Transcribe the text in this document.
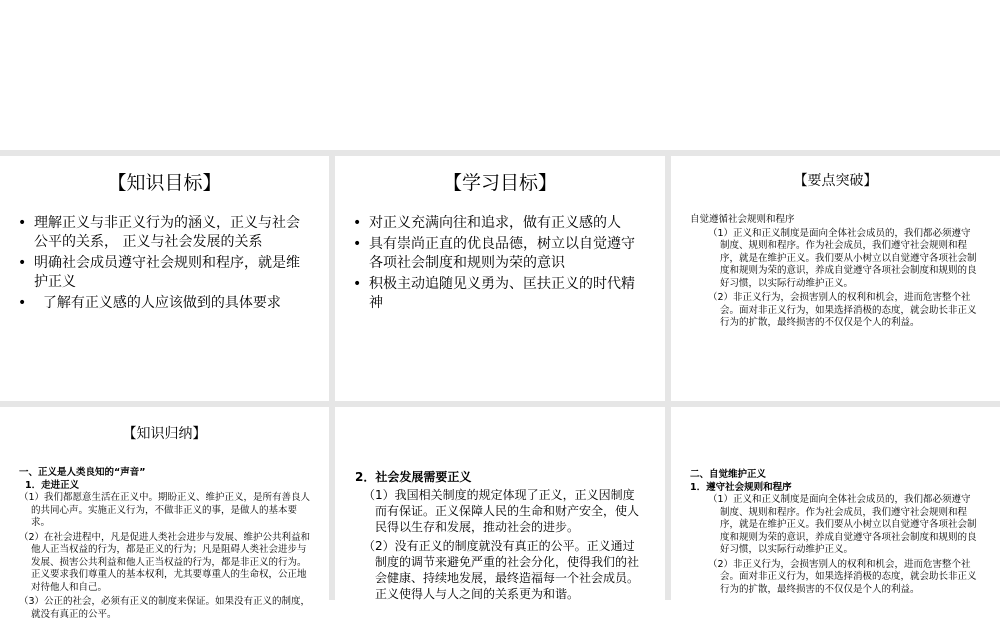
【知识目标】
• 理解正义与非正义行为的涵义，正义与社会公平的关系， 正义与社会发展的关系
• 明确社会成员遵守社会规则和程序，就是维护正义
•   了解有正义感的人应该做到的具体要求
【学习目标】
• 对正义充满向往和追求，做有正义感的人
• 具有崇尚正直的优良品德，树立以自觉遵守各项社会制度和规则为荣的意识
• 积极主动追随见义勇为、匡扶正义的时代精神
【要点突破】

自觉遵循社会规则和程序

（1）正义和正义制度是面向全体社会成员的，我们都必须遵守制度、规则和程序。作为社会成员，我们遵守社会规则和程序，就是在维护正义。我们要从小树立以自觉遵守各项社会制度和规则为荣的意识，养成自觉遵守各项社会制度和规则的良好习惯，以实际行动维护正义。

（2）非正义行为，会损害别人的权利和机会，进而危害整个社会。面对非正义行为，如果选择消极的态度，就会助长非正义行为的扩散，最终损害的不仅仅是个人的利益。

【知识归纳】

一、正义是人类良知的“声音”

1．走进正义

（1）我们都愿意生活在正义中。期盼正义、维护正义，是所有善良人的共同心声。实施正义行为，不做非正义的事，是做人的基本要求。

（2）在社会进程中，凡是促进人类社会进步与发展、维护公共利益和他人正当权益的行为，都是正义的行为；凡是阻碍人类社会进步与发展、损害公共利益和他人正当权益的行为，都是非正义的行为。正义要求我们尊重人的基本权利，尤其要尊重人的生命权，公正地对待他人和自己。

（3）公正的社会，必须有正义的制度来保证。如果没有正义的制度，就没有真正的公平。

2．社会发展需要正义

（1）我国相关制度的规定体现了正义，正义因制度而有保证。正义保障人民的生命和财产安全，使人民得以生存和发展，推动社会的进步。

（2）没有正义的制度就没有真正的公平。正义通过制度的调节来避免严重的社会分化，使得我们的社会健康、持续地发展，最终造福每一个社会成员。正义使得人与人之间的关系更为和谐。

二、自觉维护正义

1．遵守社会规则和程序

（1）正义和正义制度是面向全体社会成员的，我们都必须遵守制度、规则和程序。作为社会成员，我们遵守社会规则和程序，就是在维护正义。我们要从小树立以自觉遵守各项社会制度和规则为荣的意识，养成自觉遵守各项社会制度和规则的良好习惯，以实际行动维护正义。

（2）非正义行为，会损害别人的权利和机会，进而危害整个社会。面对非正义行为，如果选择消极的态度，就会助长非正义行为的扩散，最终损害的不仅仅是个人的利益。
